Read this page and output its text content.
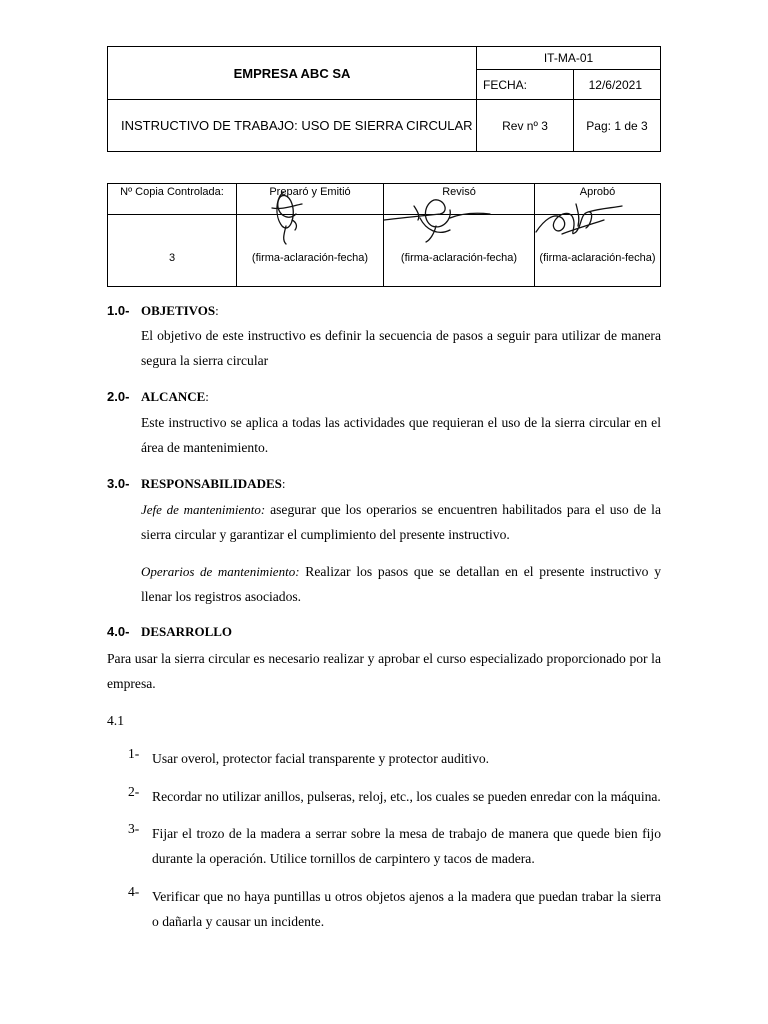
EMPRESA ABC SA	IT-MA-01	
	FECHA:	12/6/2021
INSTRUCTIVO DE TRABAJO: USO DE SIERRA CIRCULAR	Rev nº 3	Pag: 1 de 3
Nº Copia Controlada:	Preparó y Emitió	Revisó	Aprobó
3	(firma-aclaración-fecha)	(firma-aclaración-fecha)	(firma-aclaración-fecha)
1.0- OBJETIVOS:
El objetivo de este instructivo es definir la secuencia de pasos a seguir para utilizar de manera segura la sierra circular
2.0- ALCANCE:
Este instructivo se aplica a todas las actividades que requieran el uso de la sierra circular en el área de mantenimiento.
3.0- RESPONSABILIDADES:
Jefe de mantenimiento: asegurar que los operarios se encuentren habilitados para el uso de la sierra circular y garantizar el cumplimiento del presente instructivo.
Operarios de mantenimiento: Realizar los pasos que se detallan en el presente instructivo y llenar los registros asociados.
4.0- DESARROLLO
Para usar la sierra circular es necesario realizar y aprobar el curso especializado proporcionado por la empresa.
4.1
1- Usar overol, protector facial transparente y protector auditivo.
2- Recordar no utilizar anillos, pulseras, reloj, etc., los cuales se pueden enredar con la máquina.
3- Fijar el trozo de la madera a serrar sobre la mesa de trabajo de manera que quede bien fijo durante la operación. Utilice tornillos de carpintero y tacos de madera.
4- Verificar que no haya puntillas u otros objetos ajenos a la madera que puedan trabar la sierra o dañarla y causar un incidente.
